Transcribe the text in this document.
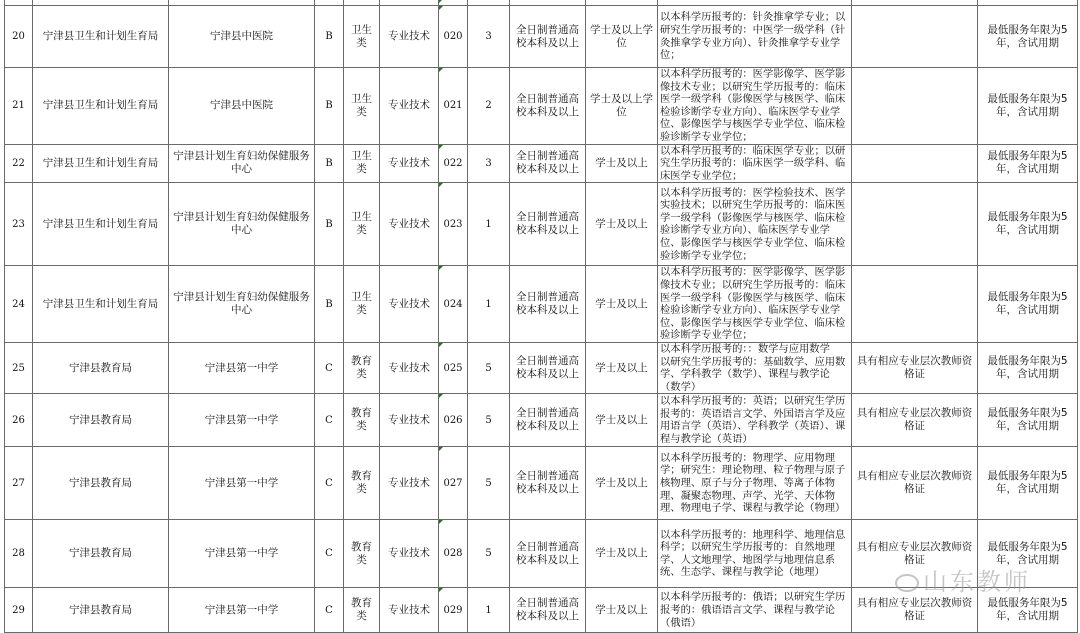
20	宁津县卫生和计划生育局	宁津县中医院	B	卫生类	专业技术	020	3	全日制普通高校本科及以上	学士及以上学位	以本科学历报考的：针灸推拿学专业；以研究生学历报考的：中医学一级学科（针灸推拿学专业方向）、针灸推拿学专业学位；		最低服务年限为5年，含试用期
21	宁津县卫生和计划生育局	宁津县中医院	B	卫生类	专业技术	021	2	全日制普通高校本科及以上	学士及以上学位	以本科学历报考的：医学影像学、医学影像技术专业；以研究生学历报考的：临床医学一级学科（影像医学与核医学、临床检验诊断学专业方向）、临床医学专业学位、影像医学与核医学专业学位、临床检验诊断学专业学位；		最低服务年限为5年，含试用期
22	宁津县卫生和计划生育局	宁津县计划生育妇幼保健服务中心	B	卫生类	专业技术	022	3	全日制普通高校本科及以上	学士及以上	以本科学历报考的：临床医学专业；以研究生学历报考的：临床医学一级学科、临床医学专业学位；		最低服务年限为5年，含试用期
23	宁津县卫生和计划生育局	宁津县计划生育妇幼保健服务中心	B	卫生类	专业技术	023	1	全日制普通高校本科及以上	学士及以上	以本科学历报考的：医学检验技术、医学实验技术；以研究生学历报考的：临床医学一级学科（影像医学与核医学、临床检验诊断学专业方向）、临床医学专业学位、影像医学与核医学专业学位、临床检验诊断学专业学位；		最低服务年限为5年，含试用期
24	宁津县卫生和计划生育局	宁津县计划生育妇幼保健服务中心	B	卫生类	专业技术	024	1	全日制普通高校本科及以上	学士及以上	以本科学历报考的：医学影像学、医学影像技术专业；以研究生学历报考的：临床医学一级学科（影像医学与核医学、临床检验诊断学专业方向）、临床医学专业学位、影像医学与核医学专业学位、临床检验诊断学专业学位；		最低服务年限为5年，含试用期
25	宁津县教育局	宁津县第一中学	C	教育类	专业技术	025	5	全日制普通高校本科及以上	学士及以上	以本科学历报考的：：数学与应用数学
以研究生学历报考的：基础数学、应用数学、学科教学（数学）、课程与教学论（数学）	具有相应专业层次教师资格证	最低服务年限为5年，含试用期
26	宁津县教育局	宁津县第一中学	C	教育类	专业技术	026	5	全日制普通高校本科及以上	学士及以上	以本科学历报考的：英语；以研究生学历报考的：英语语言文学、外国语言学及应用语言学（英语）、学科教学（英语）、课程与教学论（英语）	具有相应专业层次教师资格证	最低服务年限为5年，含试用期
27	宁津县教育局	宁津县第一中学	C	教育类	专业技术	027	5	全日制普通高校本科及以上	学士及以上	以本科学历报考的：物理学、应用物理学；研究生：理论物理、粒子物理与原子核物理、原子与分子物理、等离子体物理、凝聚态物理、声学、光学、天体物理、物理电子学、课程与教学论（物理）	具有相应专业层次教师资格证	最低服务年限为5年，含试用期
28	宁津县教育局	宁津县第一中学	C	教育类	专业技术	028	5	全日制普通高校本科及以上	学士及以上	以本科学历报考的：地理科学、地理信息科学；以研究生学历报考的：自然地理学、人文地理学、地图学与地理信息系统、生态学、课程与教学论（地理）	具有相应专业层次教师资格证	最低服务年限为5年，含试用期
29	宁津县教育局	宁津县第一中学	C	教育类	专业技术	029	1	全日制普通高校本科及以上	学士及以上	以本科学历报考的：俄语；以研究生学历报考的：俄语语言文学、课程与教学论（俄语）	具有相应专业层次教师资格证	最低服务年限为5年，含试用期
山东教师
